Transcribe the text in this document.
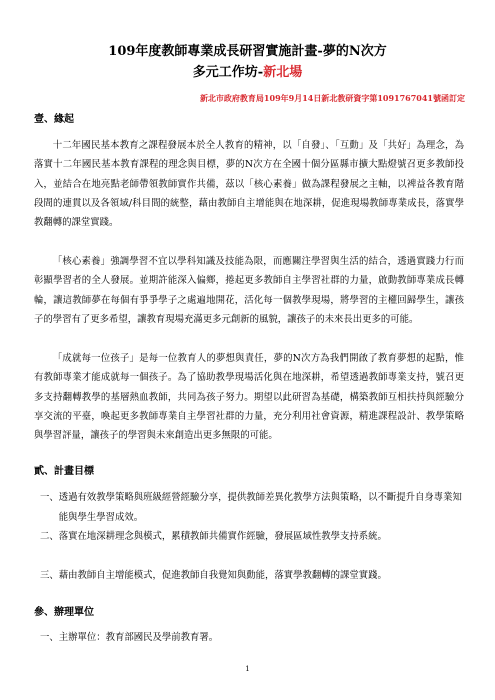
109年度教師專業成長研習實施計畫-夢的N次方
多元工作坊-新北場
新北市政府教育局109年9月14日新北教研資字第1091767041號函訂定
壹、緣起

十二年國民基本教育之課程發展本於全人教育的精神，以「自發」、「互動」及「共好」為理念，為落實十二年國民基本教育課程的理念與目標，夢的N次方在全國十個分區縣市擴大點燈號召更多教師投入，並結合在地亮點老師帶領教師實作共備，茲以「核心素養」做為課程發展之主軸，以裨益各教育階段間的連貫以及各領域/科目間的統整，藉由教師自主增能與在地深耕，促進現場教師專業成長，落實學教翻轉的課堂實踐。

「核心素養」強調學習不宜以學科知識及技能為限，而應關注學習與生活的結合，透過實踐力行而彰顯學習者的全人發展。並期許能深入偏鄉，捲起更多教師自主學習社群的力量，啟動教師專業成長轉輪，讓這教師夢在每個有爭爭學子之處遍地開花，活化每一個教學現場，將學習的主權回歸學生，讓孩子的學習有了更多希望，讓教育現場充滿更多元創新的風貌，讓孩子的未來長出更多的可能。

「成就每一位孩子」是每一位教育人的夢想與責任，夢的N次方為我們開啟了教育夢想的起點，惟有教師專業才能成就每一個孩子。為了協助教學現場活化與在地深耕，希望透過教師專業支持，號召更多支持翻轉教學的基層熱血教師，共同為孩子努力。期望以此研習為基礎，構築教師互相扶持與經驗分享交流的平臺，喚起更多教師專業自主學習社群的力量，充分利用社會資源，精進課程設計、教學策略與學習評量，讓孩子的學習與未來創造出更多無限的可能。

貳、計畫目標
一、 透過有效教學策略與班級經營經驗分享，提供教師差異化教學方法與策略，以不斷提升自身專業知能與學生學習成效。
二、 落實在地深耕理念與模式，累積教師共備實作經驗，發展區域性教學支持系統。
三、 藉由教師自主增能模式，促進教師自我覺知與動能，落實學教翻轉的課堂實踐。
參、辦理單位
一、 主辦單位：教育部國民及學前教育署。
1
